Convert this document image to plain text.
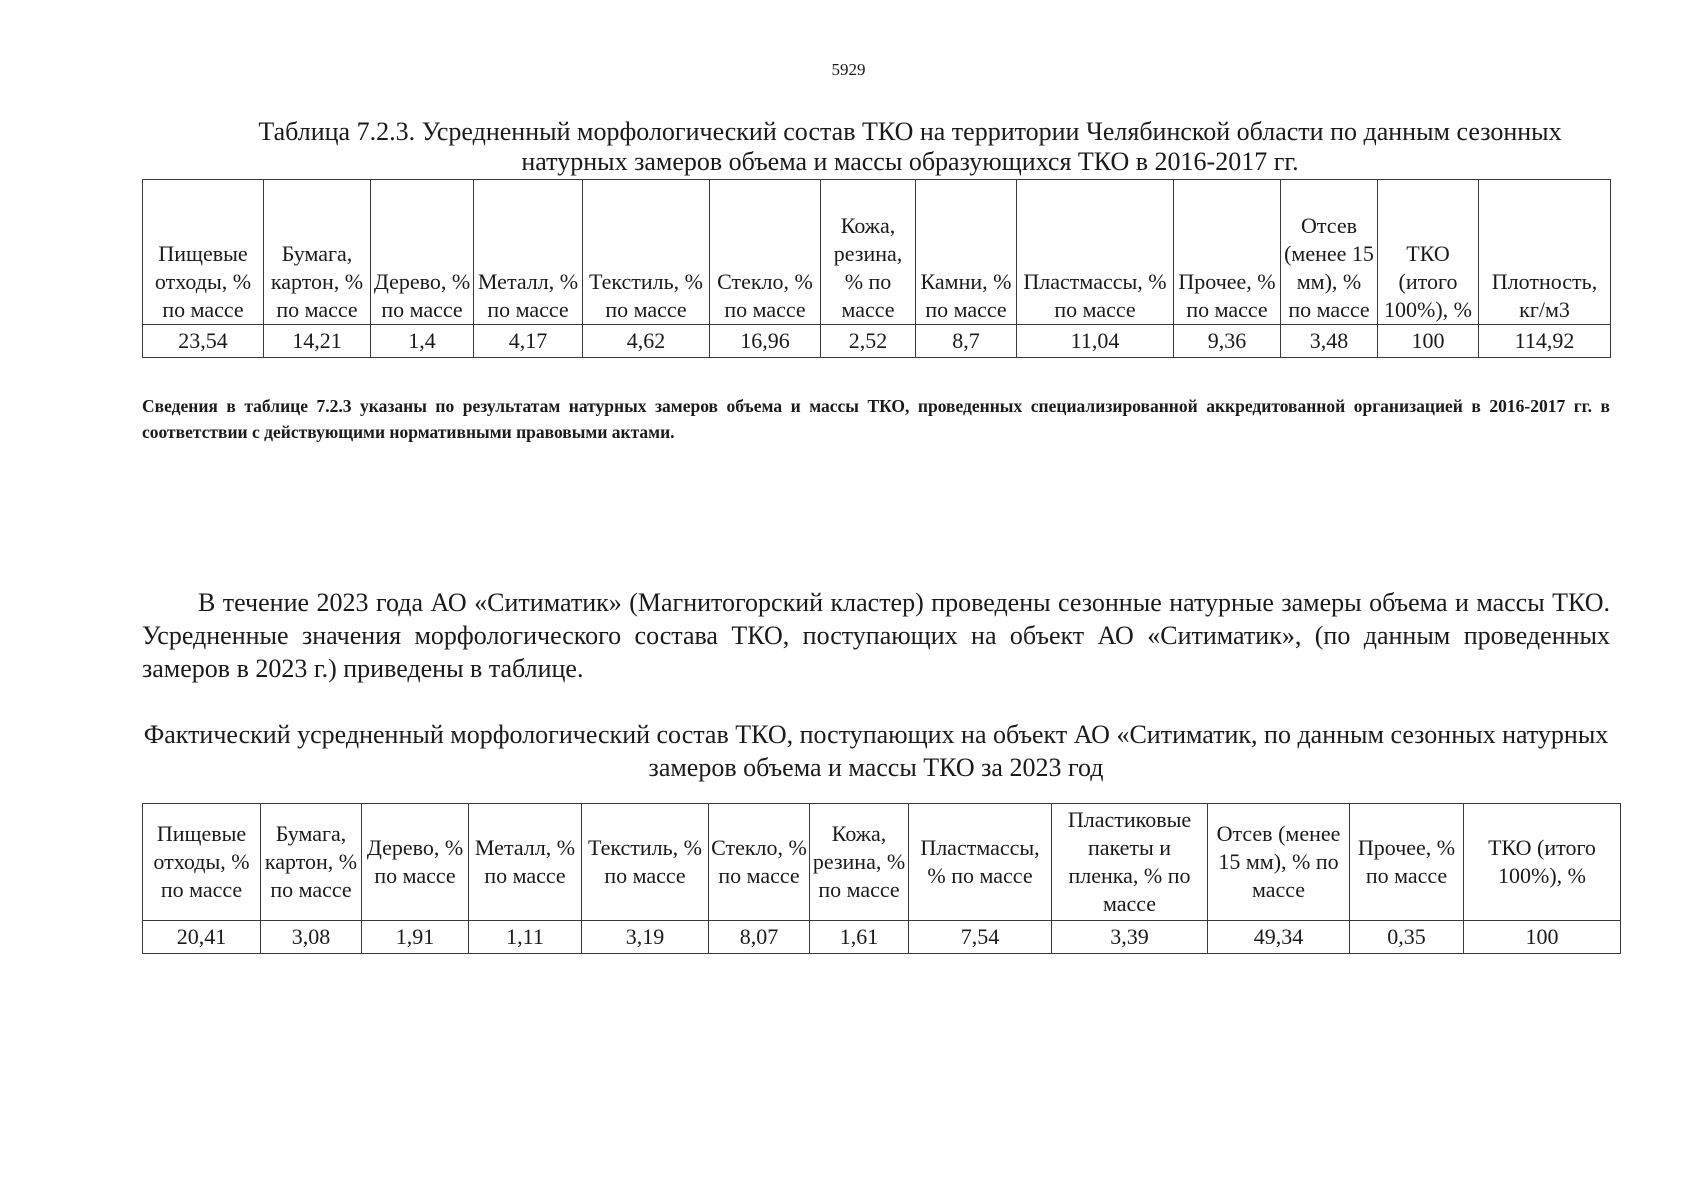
5929
Таблица 7.2.3. Усредненный морфологический состав ТКО на территории Челябинской области по данным сезонных натурных замеров объема и массы образующихся ТКО в 2016-2017 гг.
Пищевые отходы, % по массе	Бумага, картон, % по массе	Дерево, % по массе	Металл, % по массе	Текстиль, % по массе	Стекло, % по массе	Кожа, резина, % по массе	Камни, % по массе	Пластмассы, % по массе	Прочее, % по массе	Отсев (менее 15 мм), % по массе	ТКО (итого 100%), %	Плотность, кг/м3
23,54	14,21	1,4	4,17	4,62	16,96	2,52	8,7	11,04	9,36	3,48	100	114,92
Сведения в таблице 7.2.3 указаны по результатам натурных замеров объема и массы ТКО, проведенных специализированной аккредитованной организацией в 2016-2017 гг. в соответствии с действующими нормативными правовыми актами.
В течение 2023 года АО «Ситиматик» (Магнитогорский кластер) проведены сезонные натурные замеры объема и массы ТКО. Усредненные значения морфологического состава ТКО, поступающих на объект АО «Ситиматик», (по данным проведенных замеров в 2023 г.) приведены в таблице.
Фактический усредненный морфологический состав ТКО, поступающих на объект АО «Ситиматик, по данным сезонных натурных замеров объема и массы ТКО за 2023 год
Пищевые отходы, % по массе	Бумага, картон, % по массе	Дерево, % по массе	Металл, % по массе	Текстиль, % по массе	Стекло, % по массе	Кожа, резина, % по массе	Пластмассы, % по массе	Пластиковые пакеты и пленка, % по массе	Отсев (менее 15 мм), % по массе	Прочее, % по массе	ТКО (итого 100%), %
20,41	3,08	1,91	1,11	3,19	8,07	1,61	7,54	3,39	49,34	0,35	100
